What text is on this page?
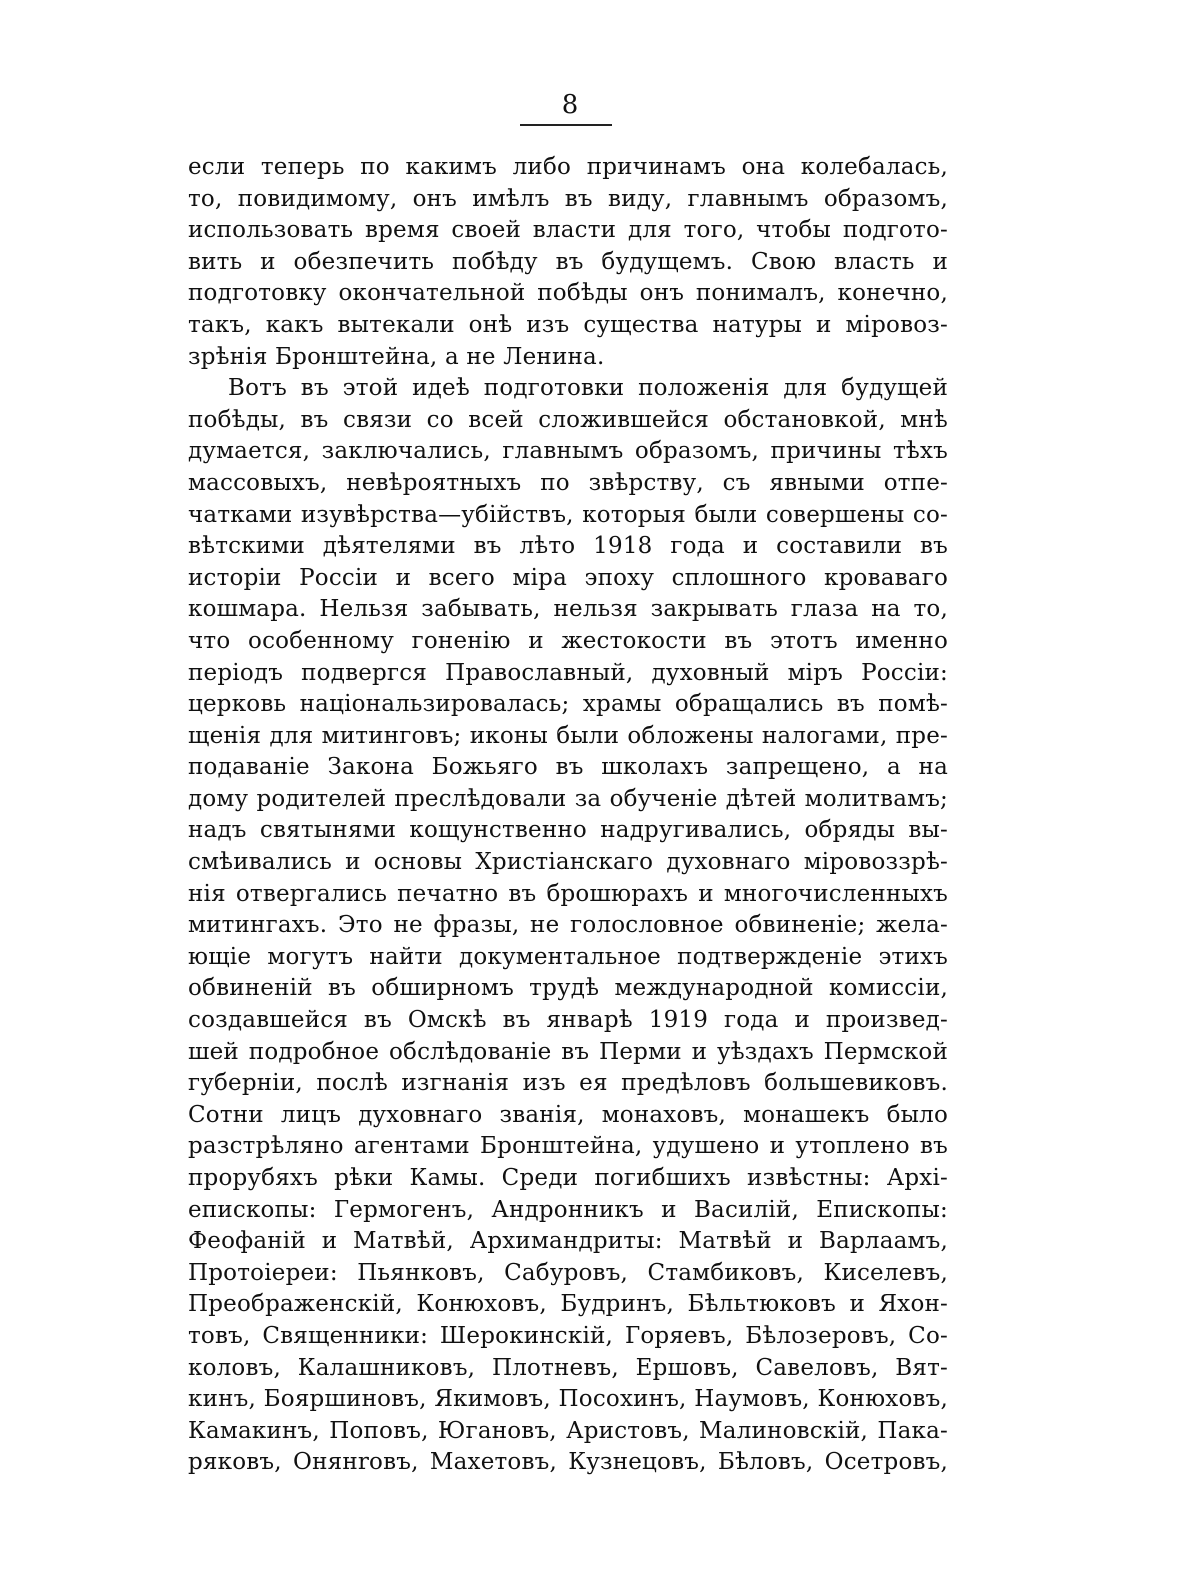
8
если теперь по какимъ либо причинамъ она колебалась,
то, повидимому, онъ имѣлъ въ виду, главнымъ образомъ,
использовать время своей власти для того, чтобы подгото-
вить и обезпечить побѣду въ будущемъ. Свою власть и
подготовку окончательной побѣды онъ понималъ, конечно,
такъ, какъ вытекали онѣ изъ существа натуры и міровоз-
зрѣнія Бронштейна, а не Ленина.
Вотъ въ этой идеѣ подготовки положенія для будущей
побѣды, въ связи со всей сложившейся обстановкой, мнѣ
думается, заключались, главнымъ образомъ, причины тѣхъ
массовыхъ, невѣроятныхъ по звѣрству, съ явными отпе-
чатками изувѣрства—убійствъ, которыя были совершены со-
вѣтскими дѣятелями въ лѣто 1918 года и составили въ
исторіи Россіи и всего міра эпоху сплошного кроваваго
кошмара. Нельзя забывать, нельзя закрывать глаза на то,
что особенному гоненію и жестокости въ этотъ именно
періодъ подвергся Православный, духовный міръ Россіи:
церковь національзировалась; храмы обращались въ помѣ-
щенія для митинговъ; иконы были обложены налогами, пре-
подаваніе Закона Божьяго въ школахъ запрещено, а на
дому родителей преслѣдовали за обученіе дѣтей молитвамъ;
надъ святынями кощунственно надругивались, обряды вы-
смѣивались и основы Христіанскаго духовнаго міровоззрѣ-
нія отвергались печатно въ брошюрахъ и многочисленныхъ
митингахъ. Это не фразы, не голословное обвиненіе; жела-
ющіе могутъ найти документальное подтвержденіе этихъ
обвиненій въ обширномъ трудѣ международной комиссіи,
создавшейся въ Омскѣ въ январѣ 1919 года и произвед-
шей подробное обслѣдованіе въ Перми и уѣздахъ Пермской
губерніи, послѣ изгнанія изъ ея предѣловъ большевиковъ.
Сотни лицъ духовнаго званія, монаховъ, монашекъ было
разстрѣляно агентами Бронштейна, удушено и утоплено въ
прорубяхъ рѣки Камы. Среди погибшихъ извѣстны: Архі-
епископы: Гермогенъ, Андронникъ и Василій, Епископы:
Феофаній и Матвѣй, Архимандриты: Матвѣй и Варлаамъ,
Протоіереи: Пьянковъ, Сабуровъ, Стамбиковъ, Киселевъ,
Преображенскій, Конюховъ, Будринъ, Бѣльтюковъ и Яхон-
товъ, Священники: Шерокинскій, Горяевъ, Бѣлозеровъ, Со-
коловъ, Калашниковъ, Плотневъ, Ершовъ, Савеловъ, Вят-
кинъ, Бояршиновъ, Якимовъ, Посохинъ, Наумовъ, Конюховъ,
Камакинъ, Поповъ, Югановъ, Аристовъ, Малиновскій, Пака-
ряковъ, Онянrовъ, Махетовъ, Кузнецовъ, Бѣловъ, Осетровъ,
